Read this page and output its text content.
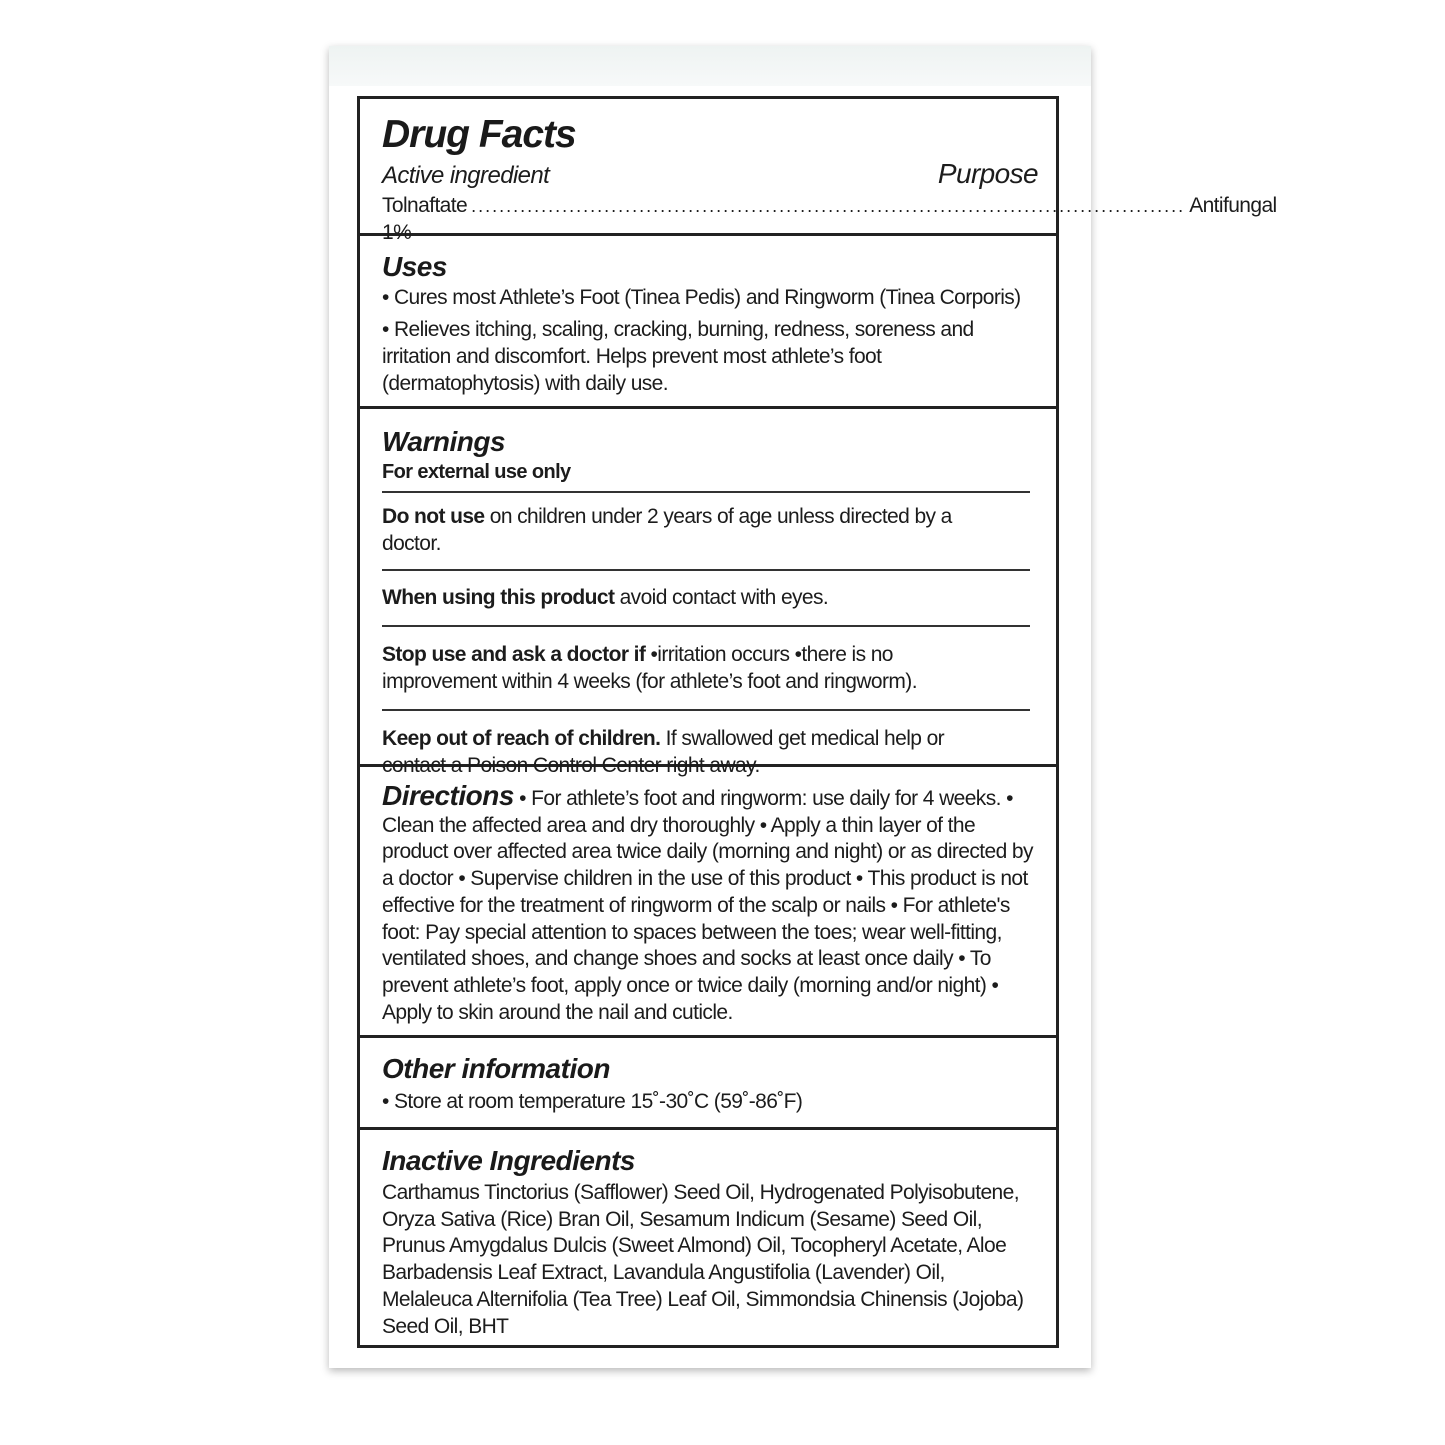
Drug Facts
Active ingredient	Purpose
Tolnaftate 1%
...................................................................................................... Antifungal
Uses
• Cures most Athlete’s Foot (Tinea Pedis) and Ringworm (Tinea Corporis)
• Relieves itching, scaling, cracking, burning, redness, soreness and irritation and discomfort. Helps prevent most athlete’s foot (dermatophytosis) with daily use.
Warnings
For external use only
Do not use on children under 2 years of age unless directed by a doctor.
When using this product avoid contact with eyes.
Stop use and ask a doctor if •irritation occurs •there is no improvement within 4 weeks (for athlete’s foot and ringworm).
Keep out of reach of children. If swallowed get medical help or contact a Poison Control Center right away.
Directions • For athlete’s foot and ringworm: use daily for 4 weeks. • Clean the affected area and dry thoroughly • Apply a thin layer of the product over affected area twice daily (morning and night) or as directed by a doctor • Supervise children in the use of this product • This product is not effective for the treatment of ringworm of the scalp or nails • For athlete's foot: Pay special attention to spaces between the toes; wear well-fitting, ventilated shoes, and change shoes and socks at least once daily • To prevent athlete’s foot, apply once or twice daily (morning and/or night) • Apply to skin around the nail and cuticle.
Other information
• Store at room temperature 15˚-30˚C (59˚-86˚F)
Inactive Ingredients
Carthamus Tinctorius (Safflower) Seed Oil, Hydrogenated Polyisobutene, Oryza Sativa (Rice) Bran Oil, Sesamum Indicum (Sesame) Seed Oil, Prunus Amygdalus Dulcis (Sweet Almond) Oil, Tocopheryl Acetate, Aloe Barbadensis Leaf Extract, Lavandula Angustifolia (Lavender) Oil, Melaleuca Alternifolia (Tea Tree) Leaf Oil, Simmondsia Chinensis (Jojoba) Seed Oil, BHT
